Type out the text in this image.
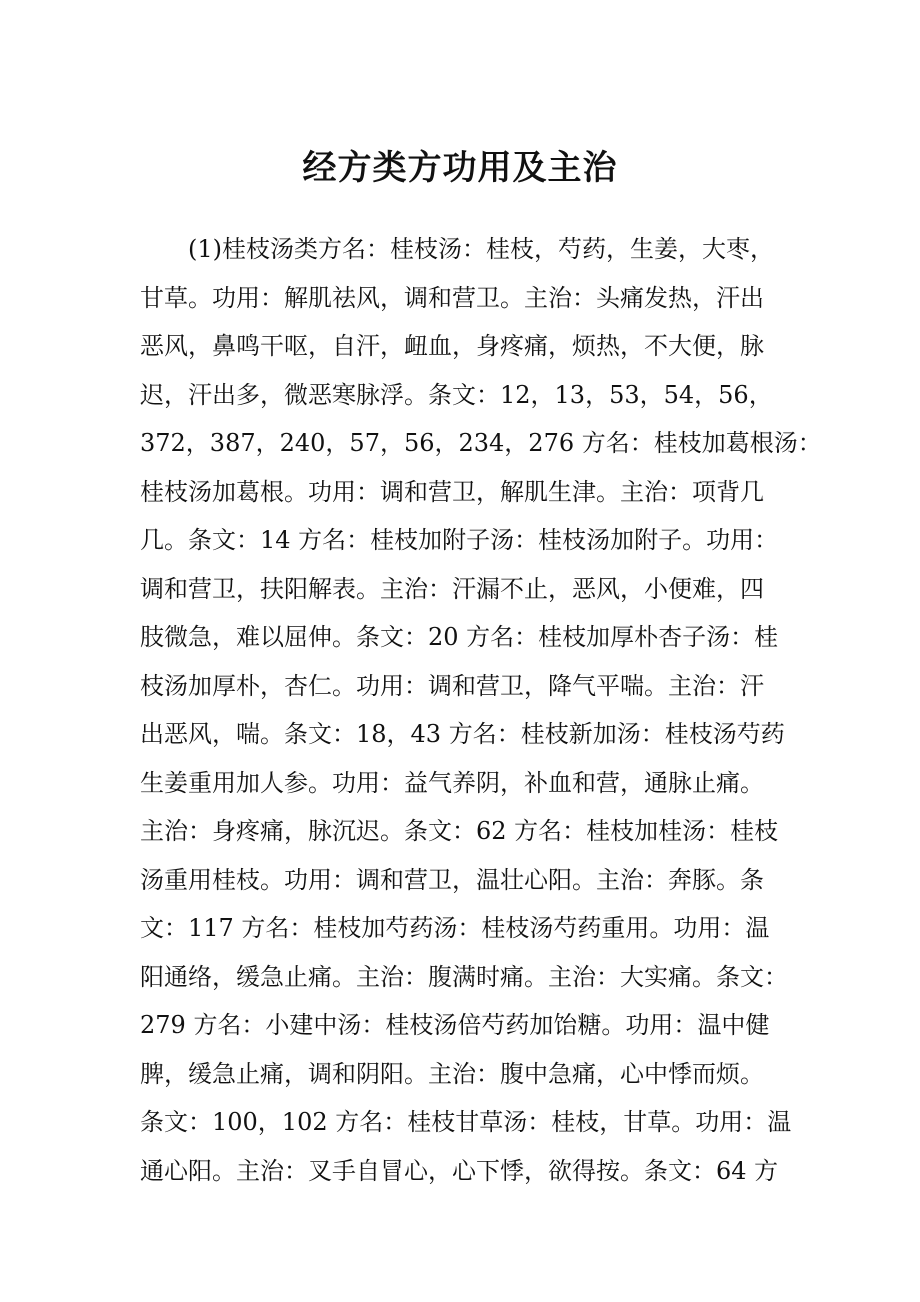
经方类方功用及主治
(1)桂枝汤类方名：桂枝汤：桂枝，芍药，生姜，大枣，
甘草。功用：解肌祛风，调和营卫。主治：头痛发热，汗出
恶风，鼻鸣干呕，自汗，衄血，身疼痛，烦热，不大便，脉
迟，汗出多，微恶寒脉浮。条文：12，13，53，54，56，
372，387，240，57，56，234，276 方名：桂枝加葛根汤：
桂枝汤加葛根。功用：调和营卫，解肌生津。主治：项背几
几。条文：14 方名：桂枝加附子汤：桂枝汤加附子。功用：
调和营卫，扶阳解表。主治：汗漏不止，恶风，小便难，四
肢微急，难以屈伸。条文：20 方名：桂枝加厚朴杏子汤：桂
枝汤加厚朴，杏仁。功用：调和营卫，降气平喘。主治：汗
出恶风，喘。条文：18，43 方名：桂枝新加汤：桂枝汤芍药
生姜重用加人参。功用：益气养阴，补血和营，通脉止痛。
主治：身疼痛，脉沉迟。条文：62 方名：桂枝加桂汤：桂枝
汤重用桂枝。功用：调和营卫，温壮心阳。主治：奔豚。条
文：117 方名：桂枝加芍药汤：桂枝汤芍药重用。功用：温
阳通络，缓急止痛。主治：腹满时痛。主治：大实痛。条文：
279 方名：小建中汤：桂枝汤倍芍药加饴糖。功用：温中健
脾，缓急止痛，调和阴阳。主治：腹中急痛，心中悸而烦。
条文：100，102 方名：桂枝甘草汤：桂枝，甘草。功用：温
通心阳。主治：叉手自冒心，心下悸，欲得按。条文：64 方
